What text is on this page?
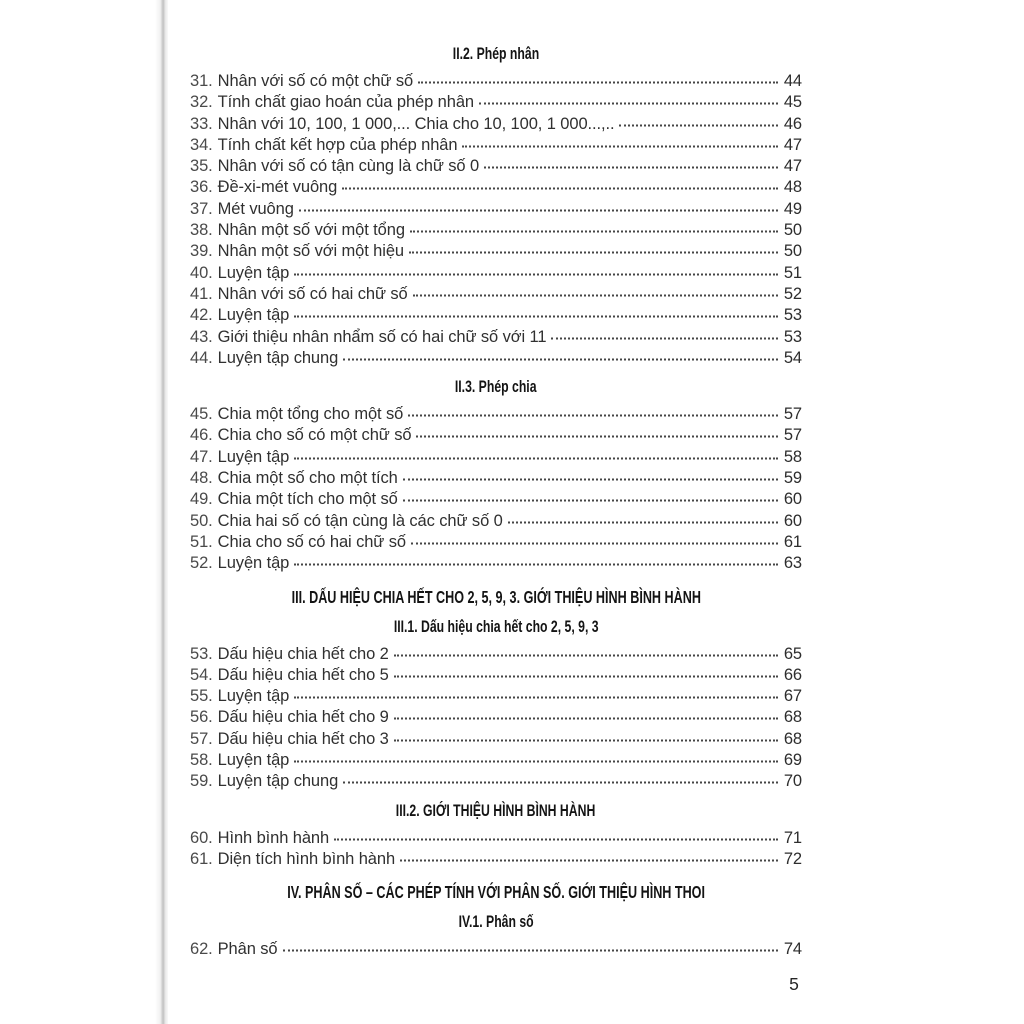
II.2. Phép nhân
31. Nhân với số có một chữ số	44
32. Tính chất giao hoán của phép nhân	45
33. Nhân với 10, 100, 1 000,... Chia cho 10, 100, 1 000...,..	46
34. Tính chất kết hợp của phép nhân	47
35. Nhân với số có tận cùng là chữ số 0	47
36. Đề-xi-mét vuông	48
37. Mét vuông	49
38. Nhân một số với một tổng	50
39. Nhân một số với một hiệu	50
40. Luyện tập	51
41. Nhân với số có hai chữ số	52
42. Luyện tập	53
43. Giới thiệu nhân nhẩm số có hai chữ số với 11	53
44. Luyện tập chung	54
II.3. Phép chia
45. Chia một tổng cho một số	57
46. Chia cho số có một chữ số	57
47. Luyện tập	58
48. Chia một số cho một tích	59
49. Chia một tích cho một số	60
50. Chia hai số có tận cùng là các chữ số 0	60
51. Chia cho số có hai chữ số	61
52. Luyện tập	63
III. DẤU HIỆU CHIA HẾT CHO 2, 5, 9, 3. GIỚI THIỆU HÌNH BÌNH HÀNH
III.1. Dấu hiệu chia hết cho 2, 5, 9, 3
53. Dấu hiệu chia hết cho 2	65
54. Dấu hiệu chia hết cho 5	66
55. Luyện tập	67
56. Dấu hiệu chia hết cho 9	68
57. Dấu hiệu chia hết cho 3	68
58. Luyện tập	69
59. Luyện tập chung	70
III.2. GIỚI THIỆU HÌNH BÌNH HÀNH
60. Hình bình hành	71
61. Diện tích hình bình hành	72
IV. PHÂN SỐ – CÁC PHÉP TÍNH VỚI PHÂN SỐ. GIỚI THIỆU HÌNH THOI
IV.1. Phân số
62. Phân số	74
5
